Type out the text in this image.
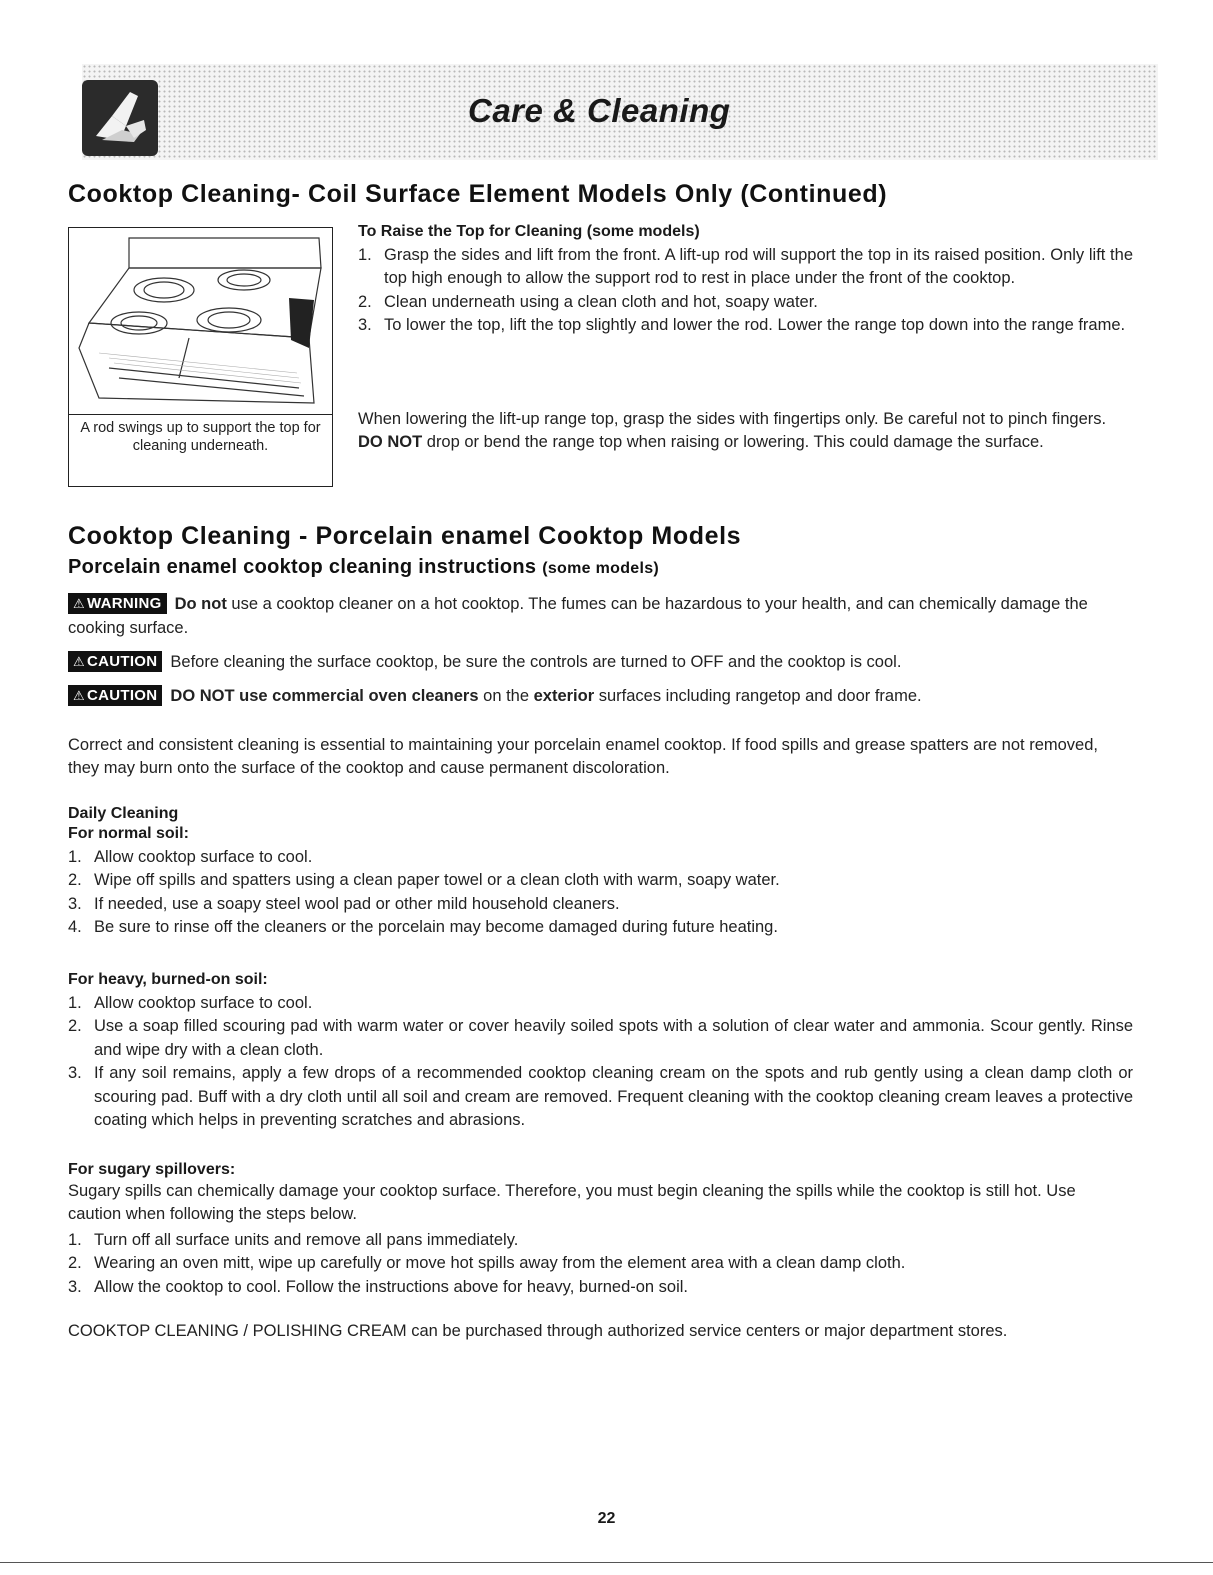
Care & Cleaning
Cooktop Cleaning- Coil Surface Element Models Only (Continued)
A rod swings up to support the top for cleaning underneath.

To Raise the Top for Cleaning (some models)

1. Grasp the sides and lift from the front. A lift-up rod will support the top in its raised position. Only lift the top high enough to allow the support rod to rest in place under the front of the cooktop.
2. Clean underneath using a clean cloth and hot, soapy water.
3. To lower the top, lift the top slightly and lower the rod. Lower the range top down into the range frame.

When lowering the lift-up range top, grasp the sides with fingertips only. Be careful not to pinch fingers. DO NOT drop or bend the range top when raising or lowering. This could damage the surface.

Cooktop Cleaning - Porcelain enamel Cooktop Models

Porcelain enamel cooktop cleaning instructions (some models)

⚠ WARNING Do not use a cooktop cleaner on a hot cooktop. The fumes can be hazardous to your health, and can chemically damage the cooking surface.
⚠ CAUTION Before cleaning the surface cooktop, be sure the controls are turned to OFF and the cooktop is cool.
⚠ CAUTION DO NOT use commercial oven cleaners on the exterior surfaces including rangetop and door frame.

Correct and consistent cleaning is essential to maintaining your porcelain enamel cooktop. If food spills and grease spatters are not removed, they may burn onto the surface of the cooktop and cause permanent discoloration.

Daily Cleaning

For normal soil:

1. Allow cooktop surface to cool.
2. Wipe off spills and spatters using a clean paper towel or a clean cloth with warm, soapy water.
3. If needed, use a soapy steel wool pad or other mild household cleaners.
4. Be sure to rinse off the cleaners or the porcelain may become damaged during future heating.

For heavy, burned-on soil:

1. Allow cooktop surface to cool.
2. Use a soap filled scouring pad with warm water or cover heavily soiled spots with a solution of clear water and ammonia. Scour gently. Rinse and wipe dry with a clean cloth.
3. If any soil remains, apply a few drops of a recommended cooktop cleaning cream on the spots and rub gently using a clean damp cloth or scouring pad. Buff with a dry cloth until all soil and cream are removed. Frequent cleaning with the cooktop cleaning cream leaves a protective coating which helps in preventing scratches and abrasions.

For sugary spillovers:

Sugary spills can chemically damage your cooktop surface. Therefore, you must begin cleaning the spills while the cooktop is still hot. Use caution when following the steps below.

1. Turn off all surface units and remove all pans immediately.
2. Wearing an oven mitt, wipe up carefully or move hot spills away from the element area with a clean damp cloth.
3. Allow the cooktop to cool. Follow the instructions above for heavy, burned-on soil.

COOKTOP CLEANING / POLISHING CREAM can be purchased through authorized service centers or major department stores.

22
